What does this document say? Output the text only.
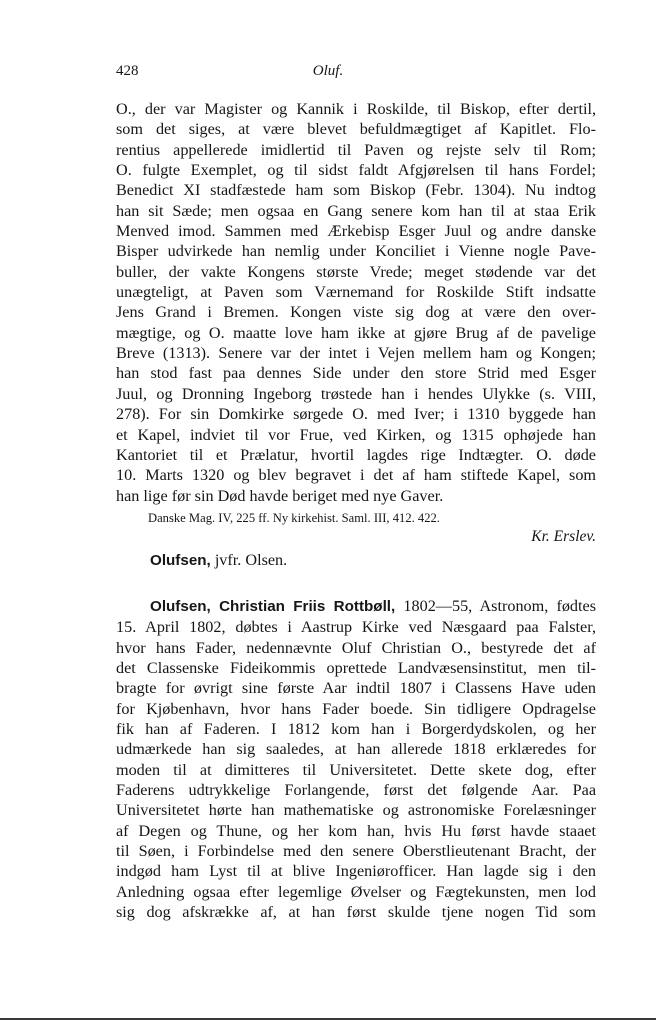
428	Oluf.
O., der var Magister og Kannik i Roskilde, til Biskop, efter dertil,
som det siges, at være blevet befuldmægtiget af Kapitlet. Flo-
rentius appellerede imidlertid til Paven og rejste selv til Rom;
O. fulgte Exemplet, og til sidst faldt Afgjørelsen til hans Fordel;
Benedict XI stadfæstede ham som Biskop (Febr. 1304). Nu indtog
han sit Sæde; men ogsaa en Gang senere kom han til at staa Erik
Menved imod. Sammen med Ærkebisp Esger Juul og andre danske
Bisper udvirkede han nemlig under Konciliet i Vienne nogle Pave-
buller, der vakte Kongens største Vrede; meget stødende var det
unægteligt, at Paven som Værnemand for Roskilde Stift indsatte
Jens Grand i Bremen. Kongen viste sig dog at være den over-
mægtige, og O. maatte love ham ikke at gjøre Brug af de pavelige
Breve (1313). Senere var der intet i Vejen mellem ham og Kongen;
han stod fast paa dennes Side under den store Strid med Esger
Juul, og Dronning Ingeborg trøstede han i hendes Ulykke (s. VIII,
278). For sin Domkirke sørgede O. med Iver; i 1310 byggede han
et Kapel, indviet til vor Frue, ved Kirken, og 1315 ophøjede han
Kantoriet til et Prælatur, hvortil lagdes rige Indtægter. O. døde
10. Marts 1320 og blev begravet i det af ham stiftede Kapel, som
han lige før sin Død havde beriget med nye Gaver.
Danske Mag. IV, 225 ff. Ny kirkehist. Saml. III, 412. 422.
Kr. Erslev.
Olufsen, jvfr. Olsen.
Olufsen, Christian Friis Rottbøll, 1802—55, Astronom, fødtes
15. April 1802, døbtes i Aastrup Kirke ved Næsgaard paa Falster,
hvor hans Fader, nedennævnte Oluf Christian O., bestyrede det af
det Classenske Fideikommis oprettede Landvæsensinstitut, men til-
bragte for øvrigt sine første Aar indtil 1807 i Classens Have uden
for Kjøbenhavn, hvor hans Fader boede. Sin tidligere Opdragelse
fik han af Faderen. I 1812 kom han i Borgerdydskolen, og her
udmærkede han sig saaledes, at han allerede 1818 erklæredes for
moden til at dimitteres til Universitetet. Dette skete dog, efter
Faderens udtrykkelige Forlangende, først det følgende Aar. Paa
Universitetet hørte han mathematiske og astronomiske Forelæsninger
af Degen og Thune, og her kom han, hvis Hu først havde staaet
til Søen, i Forbindelse med den senere Oberstlieutenant Bracht, der
indgød ham Lyst til at blive Ingeniørofficer. Han lagde sig i den
Anledning ogsaa efter legemlige Øvelser og Fægtekunsten, men lod
sig dog afskrække af, at han først skulde tjene nogen Tid som
